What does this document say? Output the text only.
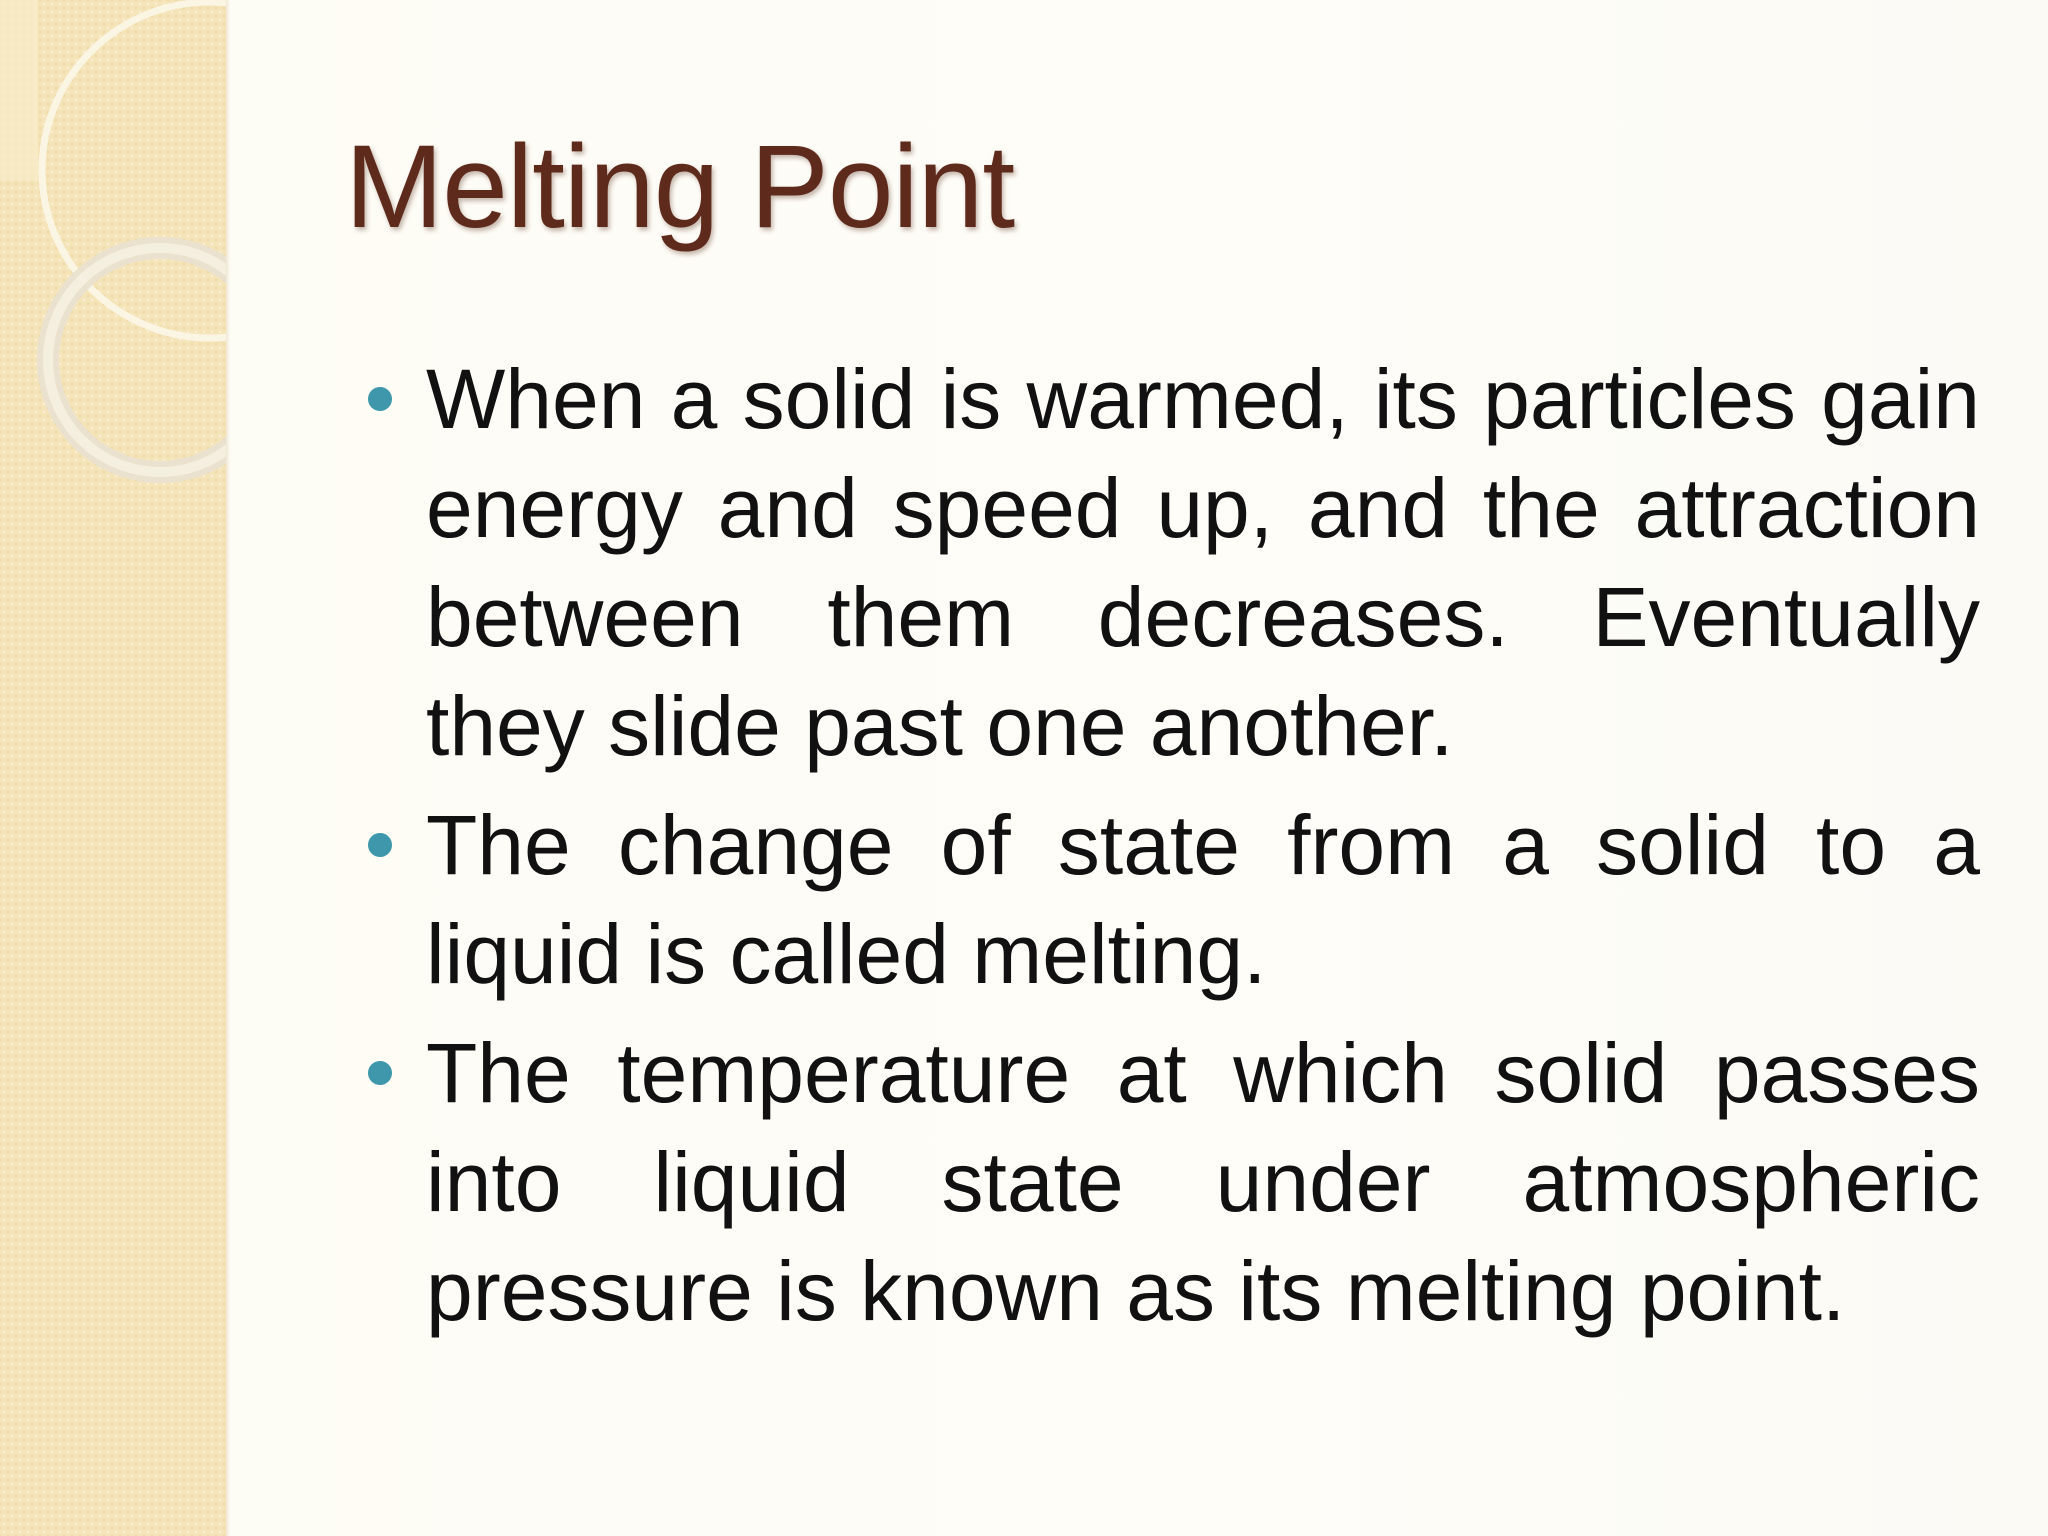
Melting Point
When a solid is warmed, its particles gain energy and speed up, and the attraction between them decreases. Eventually they slide past one another.
The change of state from a solid to a liquid is called melting.
The temperature at which solid passes into liquid state under atmospheric pressure is known as its melting point.
